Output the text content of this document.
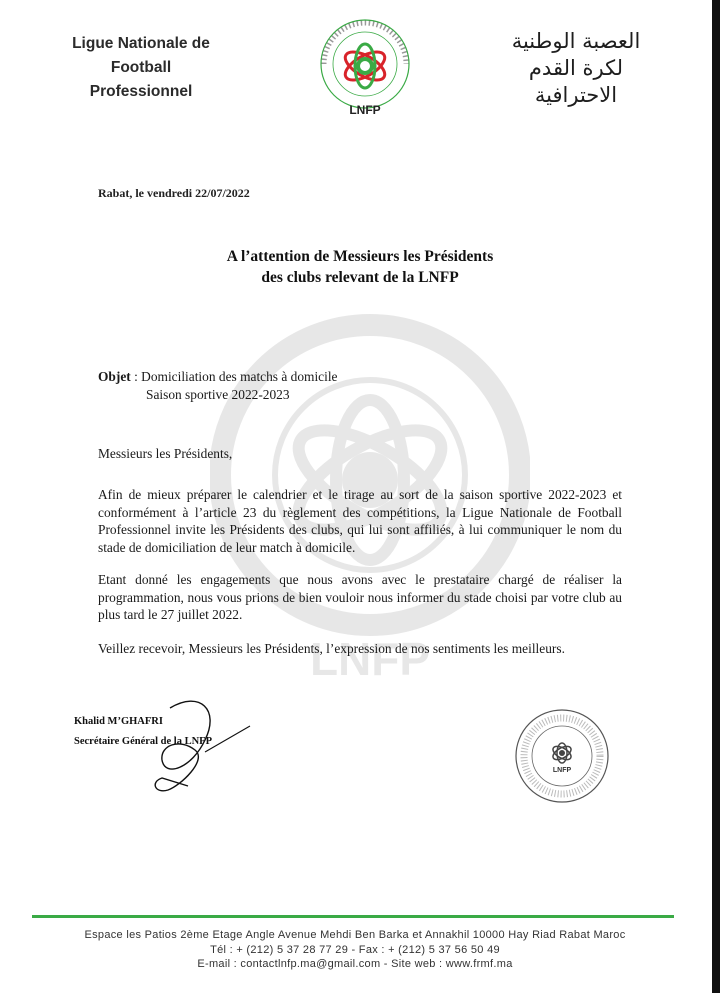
Ligue Nationale de
Football Professionnel
LNFP
العصبة الوطنية
لكرة القدم الاحترافية
LNFP
Rabat, le vendredi 22/07/2022
A l’attention de Messieurs les Présidents
des clubs relevant de la LNFP
Objet : Domiciliation des matchs à domicile
Saison sportive 2022-2023
Messieurs les Présidents,
Afin de mieux préparer le calendrier et le tirage au sort de la saison sportive 2022-2023 et conformément à l’article 23 du règlement des compétitions, la Ligue Nationale de Football Professionnel invite les Présidents des clubs, qui lui sont affiliés, à lui communiquer le nom du stade de domiciliation de leur match à domicile.
Etant donné les engagements que nous avons avec le prestataire chargé de réaliser la programmation, nous vous prions de bien vouloir nous informer du stade choisi par votre club au plus tard le 27 juillet 2022.
Veillez recevoir, Messieurs les Présidents, l’expression de nos sentiments les meilleurs.
Khalid M’GHAFRI
Secrétaire Général de la LNFP
LNFP
Espace les Patios 2ème Etage Angle Avenue Mehdi Ben Barka et Annakhil 10000 Hay Riad Rabat Maroc
Tél : + (212) 5 37 28 77 29 - Fax : + (212) 5 37 56 50 49
E-mail : contactlnfp.ma@gmail.com - Site web : www.frmf.ma
